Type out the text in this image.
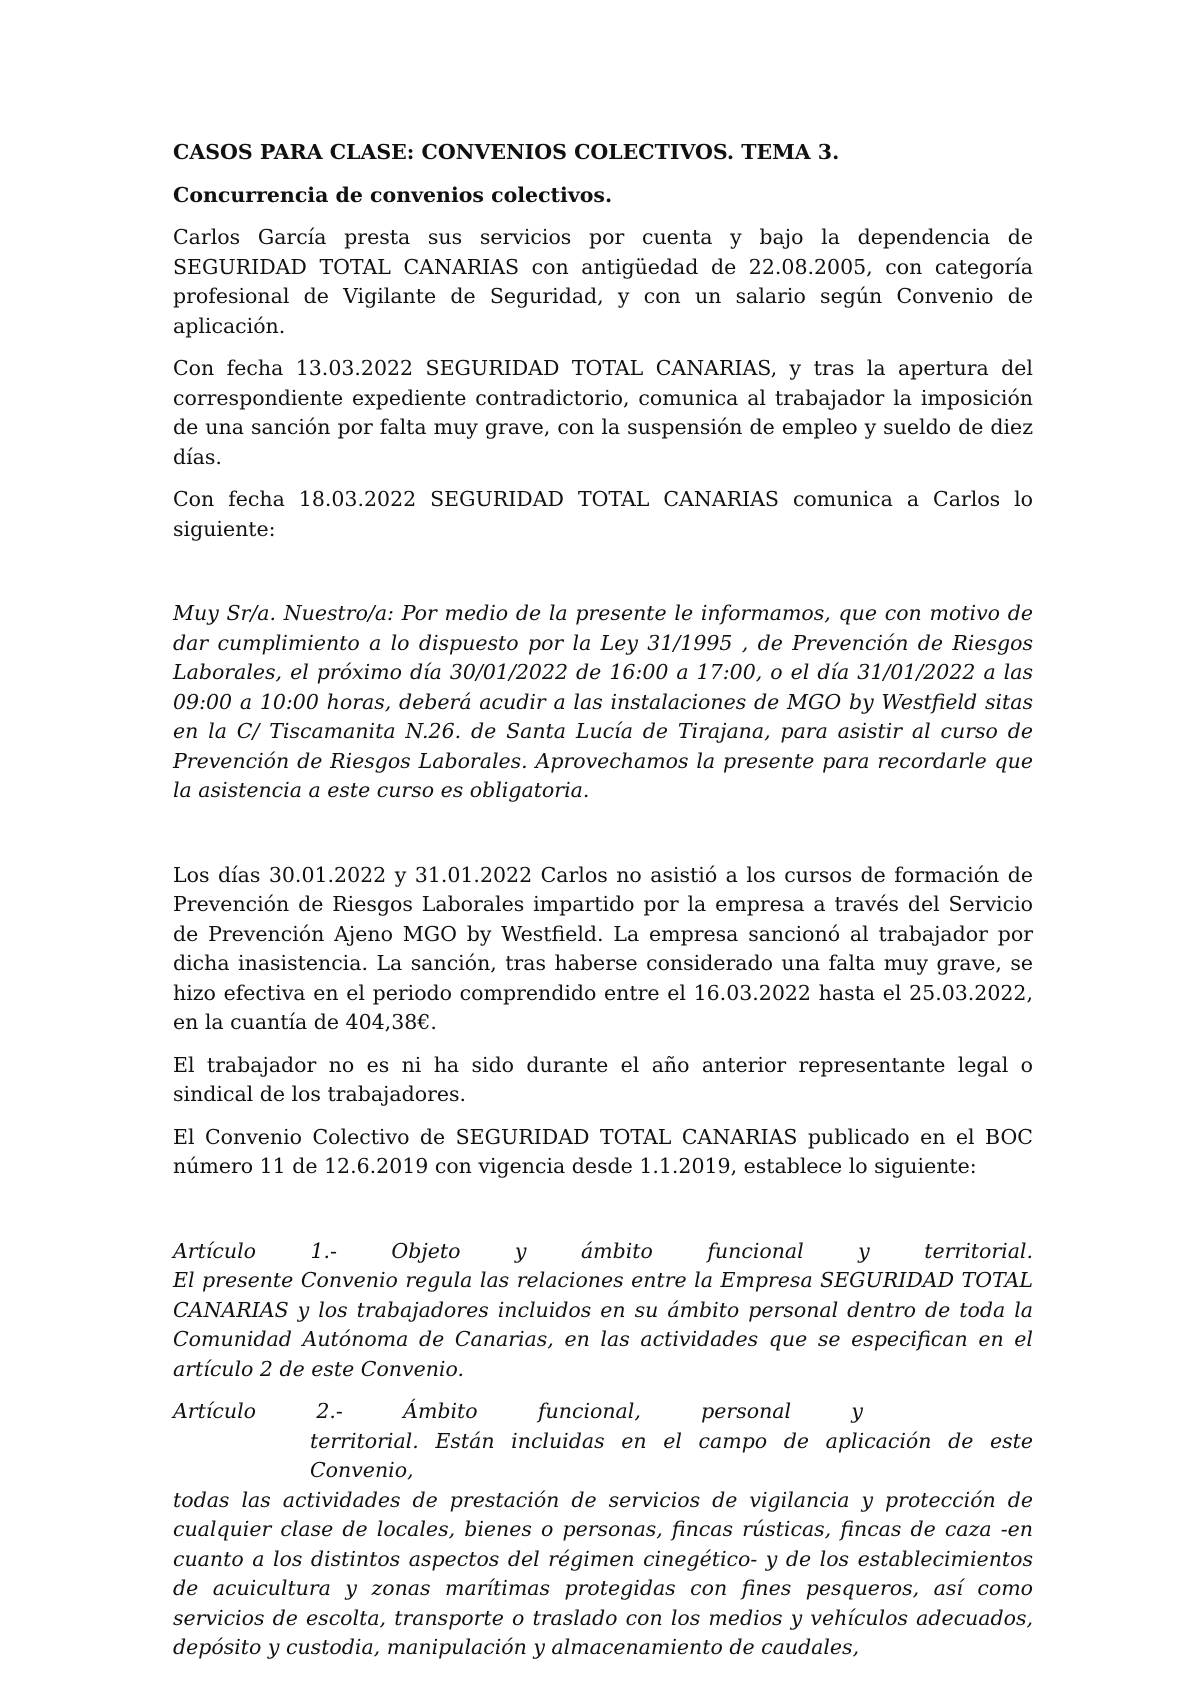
CASOS PARA CLASE: CONVENIOS COLECTIVOS. TEMA 3.
Concurrencia de convenios colectivos.

Carlos García presta sus servicios por cuenta y bajo la dependencia de SEGURIDAD TOTAL CANARIAS con antigüedad de 22.08.2005, con categoría profesional de Vigilante de Seguridad, y con un salario según Convenio de aplicación.

Con fecha 13.03.2022 SEGURIDAD TOTAL CANARIAS, y tras la apertura del correspondiente expediente contradictorio, comunica al trabajador la imposición de una sanción por falta muy grave, con la suspensión de empleo y sueldo de diez días.

Con fecha 18.03.2022 SEGURIDAD TOTAL CANARIAS comunica a Carlos lo siguiente:

Muy Sr/a. Nuestro/a: Por medio de la presente le informamos, que con motivo de dar cumplimiento a lo dispuesto por la Ley 31/1995 , de Prevención de Riesgos Laborales, el próximo día 30/01/2022 de 16:00 a 17:00, o el día 31/01/2022 a las 09:00 a 10:00 horas, deberá acudir a las instalaciones de MGO by Westfield sitas en la C/ Tiscamanita N.26. de Santa Lucía de Tirajana, para asistir al curso de Prevención de Riesgos Laborales. Aprovechamos la presente para recordarle que la asistencia a este curso es obligatoria.

Los días 30.01.2022 y 31.01.2022 Carlos no asistió a los cursos de formación de Prevención de Riesgos Laborales impartido por la empresa a través del Servicio de Prevención Ajeno MGO by Westfield. La empresa sancionó al trabajador por dicha inasistencia. La sanción, tras haberse considerado una falta muy grave, se hizo efectiva en el periodo comprendido entre el 16.03.2022 hasta el 25.03.2022, en la cuantía de 404,38€.

El trabajador no es ni ha sido durante el año anterior representante legal o sindical de los trabajadores.

El Convenio Colectivo de SEGURIDAD TOTAL CANARIAS publicado en el BOC número 11 de 12.6.2019 con vigencia desde 1.1.2019, establece lo siguiente:

Artículo 1.- Objeto y ámbito funcional y territorial.
El presente Convenio regula las relaciones entre la Empresa SEGURIDAD TOTAL CANARIAS y los trabajadores incluidos en su ámbito personal dentro de toda la Comunidad Autónoma de Canarias, en las actividades que se especifican en el artículo 2 de este Convenio.
Artículo 2.- Ámbito funcional, personal y
territorial. Están incluidas en el campo de aplicación de este Convenio,
todas las actividades de prestación de servicios de vigilancia y protección de cualquier clase de locales, bienes o personas, fincas rústicas, fincas de caza -en cuanto a los distintos aspectos del régimen cinegético- y de los establecimientos de acuicultura y zonas marítimas protegidas con fines pesqueros, así como servicios de escolta, transporte o traslado con los medios y vehículos adecuados, depósito y custodia, manipulación y almacenamiento de caudales,
